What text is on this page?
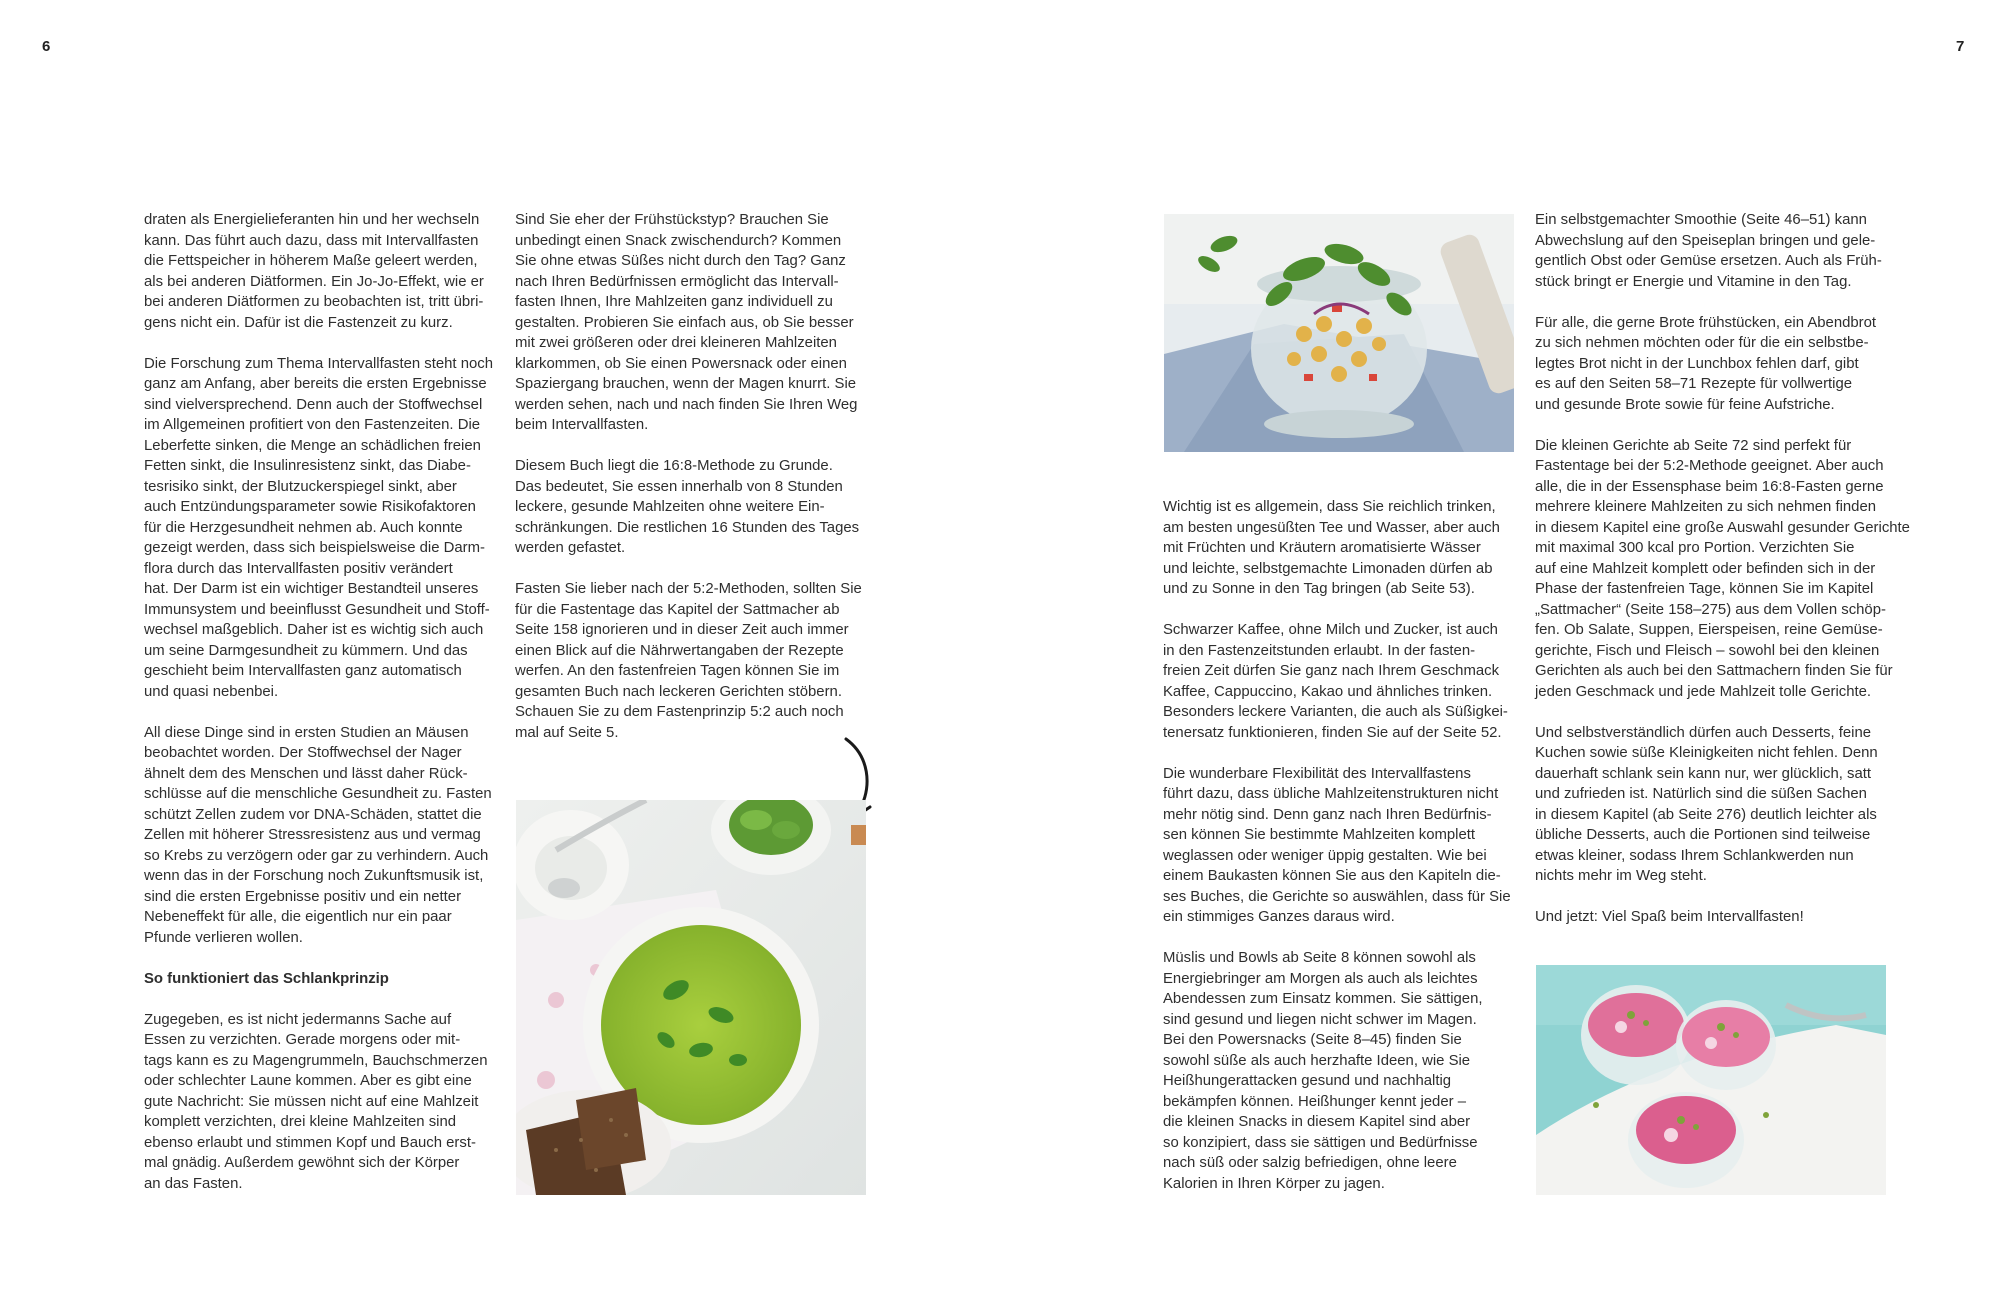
6	7

draten als Energielieferanten hin und her wechseln
kann. Das führt auch dazu, dass mit Intervallfasten
die Fettspeicher in höherem Maße geleert werden,
als bei anderen Diätformen. Ein Jo-Jo-Effekt, wie er
bei anderen Diätformen zu beobachten ist, tritt übri-
gens nicht ein. Dafür ist die Fastenzeit zu kurz.

Die Forschung zum Thema Intervallfasten steht noch
ganz am Anfang, aber bereits die ersten Ergebnisse
sind vielversprechend. Denn auch der Stoffwechsel
im Allgemeinen profitiert von den Fastenzeiten. Die
Leberfette sinken, die Menge an schädlichen freien
Fetten sinkt, die Insulinresistenz sinkt, das Diabe-
tesrisiko sinkt, der Blutzuckerspiegel sinkt, aber
auch Entzündungsparameter sowie Risikofaktoren
für die Herzgesundheit nehmen ab. Auch konnte
gezeigt werden, dass sich beispielsweise die Darm-
flora durch das Intervallfasten positiv verändert
hat. Der Darm ist ein wichtiger Bestandteil unseres
Immunsystem und beeinflusst Gesundheit und Stoff-
wechsel maßgeblich. Daher ist es wichtig sich auch
um seine Darmgesundheit zu kümmern. Und das
geschieht beim Intervallfasten ganz automatisch
und quasi nebenbei.

All diese Dinge sind in ersten Studien an Mäusen
beobachtet worden. Der Stoffwechsel der Nager
ähnelt dem des Menschen und lässt daher Rück-
schlüsse auf die menschliche Gesundheit zu. Fasten
schützt Zellen zudem vor DNA-Schäden, stattet die
Zellen mit höherer Stressresistenz aus und vermag
so Krebs zu verzögern oder gar zu verhindern. Auch
wenn das in der Forschung noch Zukunftsmusik ist,
sind die ersten Ergebnisse positiv und ein netter
Nebeneffekt für alle, die eigentlich nur ein paar
Pfunde verlieren wollen.

So funktioniert das Schlankprinzip

Zugegeben, es ist nicht jedermanns Sache auf
Essen zu verzichten. Gerade morgens oder mit-
tags kann es zu Magengrummeln, Bauchschmerzen
oder schlechter Laune kommen. Aber es gibt eine
gute Nachricht: Sie müssen nicht auf eine Mahlzeit
komplett verzichten, drei kleine Mahlzeiten sind
ebenso erlaubt und stimmen Kopf und Bauch erst-
mal gnädig. Außerdem gewöhnt sich der Körper
an das Fasten.

Sind Sie eher der Frühstückstyp? Brauchen Sie
unbedingt einen Snack zwischendurch? Kommen
Sie ohne etwas Süßes nicht durch den Tag? Ganz
nach Ihren Bedürfnissen ermöglicht das Intervall-
fasten Ihnen, Ihre Mahlzeiten ganz individuell zu
gestalten. Probieren Sie einfach aus, ob Sie besser
mit zwei größeren oder drei kleineren Mahlzeiten
klarkommen, ob Sie einen Powersnack oder einen
Spaziergang brauchen, wenn der Magen knurrt. Sie
werden sehen, nach und nach finden Sie Ihren Weg
beim Intervallfasten.

Diesem Buch liegt die 16:8-Methode zu Grunde.
Das bedeutet, Sie essen innerhalb von 8 Stunden
leckere, gesunde Mahlzeiten ohne weitere Ein-
schränkungen. Die restlichen 16 Stunden des Tages
werden gefastet.

Fasten Sie lieber nach der 5:2-Methoden, sollten Sie
für die Fastentage das Kapitel der Sattmacher ab
Seite 158 ignorieren und in dieser Zeit auch immer
einen Blick auf die Nährwertangaben der Rezepte
werfen. An den fastenfreien Tagen können Sie im
gesamten Buch nach leckeren Gerichten stöbern.
Schauen Sie zu dem Fastenprinzip 5:2 auch noch
mal auf Seite 5.

Wichtig ist es allgemein, dass Sie reichlich trinken,
am besten ungesüßten Tee und Wasser, aber auch
mit Früchten und Kräutern aromatisierte Wässer
und leichte, selbstgemachte Limonaden dürfen ab
und zu Sonne in den Tag bringen (ab Seite 53).

Schwarzer Kaffee, ohne Milch und Zucker, ist auch
in den Fastenzeitstunden erlaubt. In der fasten-
freien Zeit dürfen Sie ganz nach Ihrem Geschmack
Kaffee, Cappuccino, Kakao und ähnliches trinken.
Besonders leckere Varianten, die auch als Süßigkei-
tenersatz funktionieren, finden Sie auf der Seite 52.

Die wunderbare Flexibilität des Intervallfastens
führt dazu, dass übliche Mahlzeitenstrukturen nicht
mehr nötig sind. Denn ganz nach Ihren Bedürfnis-
sen können Sie bestimmte Mahlzeiten komplett
weglassen oder weniger üppig gestalten. Wie bei
einem Baukasten können Sie aus den Kapiteln die-
ses Buches, die Gerichte so auswählen, dass für Sie
ein stimmiges Ganzes daraus wird.

Müslis und Bowls ab Seite 8 können sowohl als
Energiebringer am Morgen als auch als leichtes
Abendessen zum Einsatz kommen. Sie sättigen,
sind gesund und liegen nicht schwer im Magen.
Bei den Powersnacks (Seite 8–45) finden Sie
sowohl süße als auch herzhafte Ideen, wie Sie
Heißhungerattacken gesund und nachhaltig
bekämpfen können. Heißhunger kennt jeder –
die kleinen Snacks in diesem Kapitel sind aber
so konzipiert, dass sie sättigen und Bedürfnisse
nach süß oder salzig befriedigen, ohne leere
Kalorien in Ihren Körper zu jagen.

Ein selbstgemachter Smoothie (Seite 46–51) kann
Abwechslung auf den Speiseplan bringen und gele-
gentlich Obst oder Gemüse ersetzen. Auch als Früh-
stück bringt er Energie und Vitamine in den Tag.

Für alle, die gerne Brote frühstücken, ein Abendbrot
zu sich nehmen möchten oder für die ein selbstbe-
legtes Brot nicht in der Lunchbox fehlen darf, gibt
es auf den Seiten 58–71 Rezepte für vollwertige
und gesunde Brote sowie für feine Aufstriche.

Die kleinen Gerichte ab Seite 72 sind perfekt für
Fastentage bei der 5:2-Methode geeignet. Aber auch
alle, die in der Essensphase beim 16:8-Fasten gerne
mehrere kleinere Mahlzeiten zu sich nehmen finden
in diesem Kapitel eine große Auswahl gesunder Gerichte
mit maximal 300 kcal pro Portion. Verzichten Sie
auf eine Mahlzeit komplett oder befinden sich in der
Phase der fastenfreien Tage, können Sie im Kapitel
„Sattmacher“ (Seite 158–275) aus dem Vollen schöp-
fen. Ob Salate, Suppen, Eierspeisen, reine Gemüse-
gerichte, Fisch und Fleisch – sowohl bei den kleinen
Gerichten als auch bei den Sattmachern finden Sie für
jeden Geschmack und jede Mahlzeit tolle Gerichte.

Und selbstverständlich dürfen auch Desserts, feine
Kuchen sowie süße Kleinigkeiten nicht fehlen. Denn
dauerhaft schlank sein kann nur, wer glücklich, satt
und zufrieden ist. Natürlich sind die süßen Sachen
in diesem Kapitel (ab Seite 276) deutlich leichter als
übliche Desserts, auch die Portionen sind teilweise
etwas kleiner, sodass Ihrem Schlankwerden nun
nichts mehr im Weg steht.

Und jetzt: Viel Spaß beim Intervallfasten!
